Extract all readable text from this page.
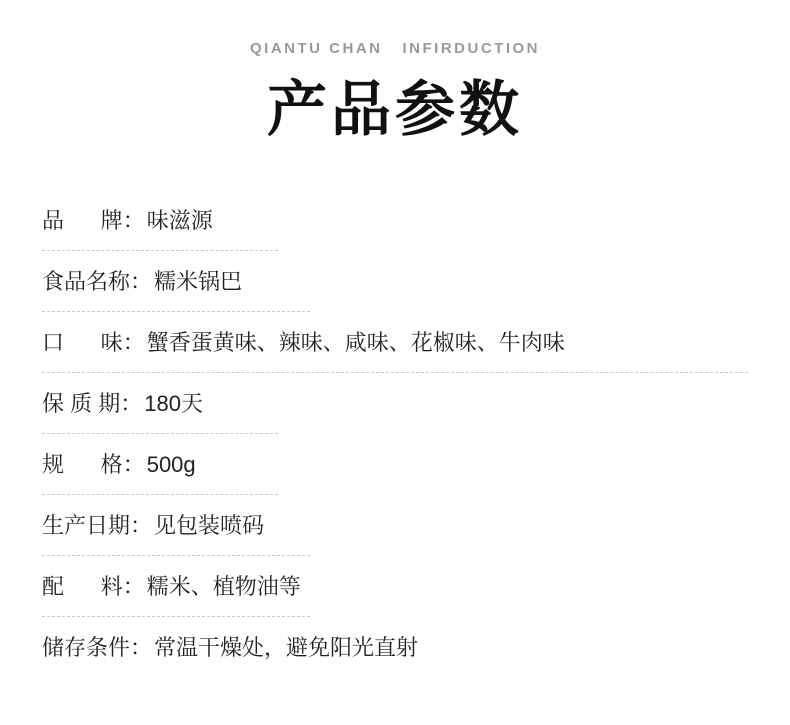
QIANTU CHAN   INFIRDUCTION
产品参数
品      牌 ： 味滋源
食品名称 ： 糯米锅巴
口      味 ： 蟹香蛋黄味、辣味、咸味、花椒味、牛肉味
保 质 期 ： 180天
规      格 ： 500g
生产日期 ： 见包装喷码
配      料 ： 糯米、植物油等
储存条件 ： 常温干燥处，避免阳光直射
